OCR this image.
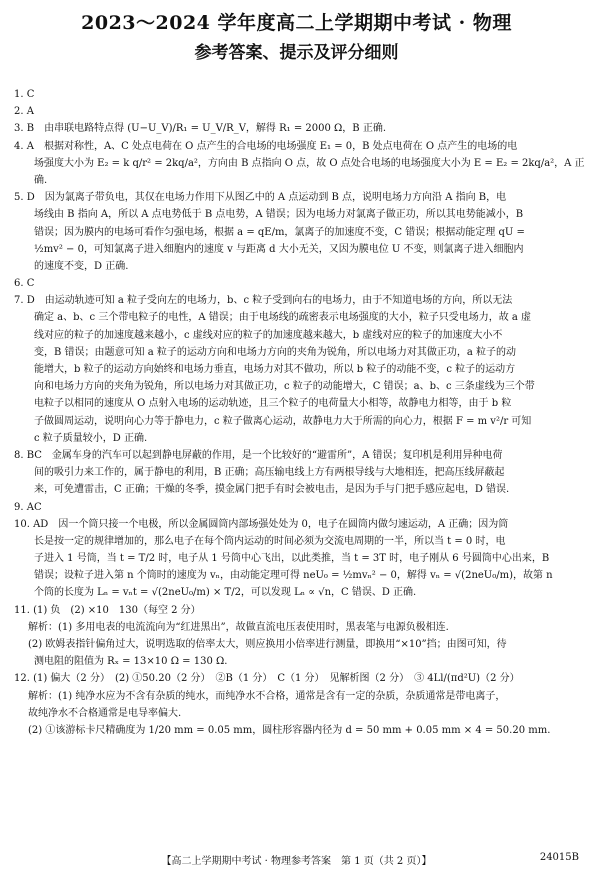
2023～2024 学年度高二上学期期中考试 · 物理
参考答案、提示及评分细则
1. C
2. A
3. B　由串联电路特点得 (U−U_V)/R₁ = U_V/R_V，解得 R₁ = 2000 Ω，B 正确.
4. A　根据对称性，A、C 处点电荷在 O 点产生的合电场的电场强度 E₁ = 0，B 处点电荷在 O 点产生的电场的电
场强度大小为 E₂ = k q/r² = 2kq/a²，方向由 B 点指向 O 点，故 O 点处合电场的电场强度大小为 E = E₂ = 2kq/a²，A 正
确.
5. D　因为氯离子带负电，其仅在电场力作用下从图乙中的 A 点运动到 B 点，说明电场力方向沿 A 指向 B，电
场线由 B 指向 A，所以 A 点电势低于 B 点电势，A 错误；因为电场力对氯离子做正功，所以其电势能减小，B
错误；因为膜内的电场可看作匀强电场，根据 a = qE/m，氯离子的加速度不变，C 错误；根据动能定理 qU =
½mv² − 0，可知氯离子进入细胞内的速度 v 与距离 d 大小无关，又因为膜电位 U 不变，则氯离子进入细胞内
的速度不变，D 正确.
6. C
7. D　由运动轨迹可知 a 粒子受向左的电场力，b、c 粒子受到向右的电场力，由于不知道电场的方向，所以无法
确定 a、b、c 三个带电粒子的电性，A 错误；由于电场线的疏密表示电场强度的大小，粒子只受电场力，故 a 虚
线对应的粒子的加速度越来越小，c 虚线对应的粒子的加速度越来越大，b 虚线对应的粒子的加速度大小不
变，B 错误；由题意可知 a 粒子的运动方向和电场力方向的夹角为锐角，所以电场力对其做正功，a 粒子的动
能增大，b 粒子的运动方向始终和电场力垂直，电场力对其不做功，所以 b 粒子的动能不变，c 粒子的运动方
向和电场力方向的夹角为锐角，所以电场力对其做正功，c 粒子的动能增大，C 错误；a、b、c 三条虚线为三个带
电粒子以相同的速度从 O 点射入电场的运动轨迹，且三个粒子的电荷量大小相等，故静电力相等，由于 b 粒
子做圆周运动，说明向心力等于静电力，c 粒子做离心运动，故静电力大于所需的向心力，根据 F = m v²/r 可知
c 粒子质量较小，D 正确.
8. BC　金属车身的汽车可以起到静电屏蔽的作用，是一个比较好的“避雷所”，A 错误；复印机是利用异种电荷
间的吸引力来工作的，属于静电的利用，B 正确；高压输电线上方有两根导线与大地相连，把高压线屏蔽起
来，可免遭雷击，C 正确；干燥的冬季，摸金属门把手有时会被电击，是因为手与门把手感应起电，D 错误.
9. AC
10. AD　因一个筒只接一个电极，所以金属圆筒内部场强处处为 0，电子在圆筒内做匀速运动，A 正确；因为筒
长是按一定的规律增加的，那么电子在每个筒内运动的时间必须为交流电周期的一半，所以当 t = 0 时，电
子进入 1 号筒，当 t = T/2 时，电子从 1 号筒中心飞出，以此类推，当 t = 3T 时，电子刚从 6 号圆筒中心出来，B
错误；设粒子进入第 n 个筒时的速度为 vₙ，由动能定理可得 neU₀ = ½mvₙ² − 0，解得 vₙ = √(2neU₀/m)，故第 n
个筒的长度为 Lₙ = vₙt = √(2neU₀/m) × T/2，可以发现 Lₙ ∝ √n，C 错误、D 正确.
11. (1) 负　(2) ×10　130（每空 2 分）
解析：(1) 多用电表的电流流向为“红进黑出”，故做直流电压表使用时，黑表笔与电源负极相连.
(2) 欧姆表指针偏角过大，说明选取的倍率太大，则应换用小倍率进行测量，即换用“×10”挡；由图可知，待
测电阻的阻值为 Rₓ = 13×10 Ω = 130 Ω.
12. (1) 偏大（2 分）　(2) ①50.20（2 分）　②B（1 分）　C（1 分）　见解析图（2 分）　③ 4Ll/(πd²U)（2 分）
解析：(1) 纯净水应为不含有杂质的纯水，而纯净水不合格，通常是含有一定的杂质，杂质通常是带电离子，
故纯净水不合格通常是电导率偏大.
(2) ①该游标卡尺精确度为 1/20 mm = 0.05 mm，圆柱形容器内径为 d = 50 mm + 0.05 mm × 4 = 50.20 mm.
【高二上学期期中考试 · 物理参考答案　第 1 页（共 2 页）】	24015B
